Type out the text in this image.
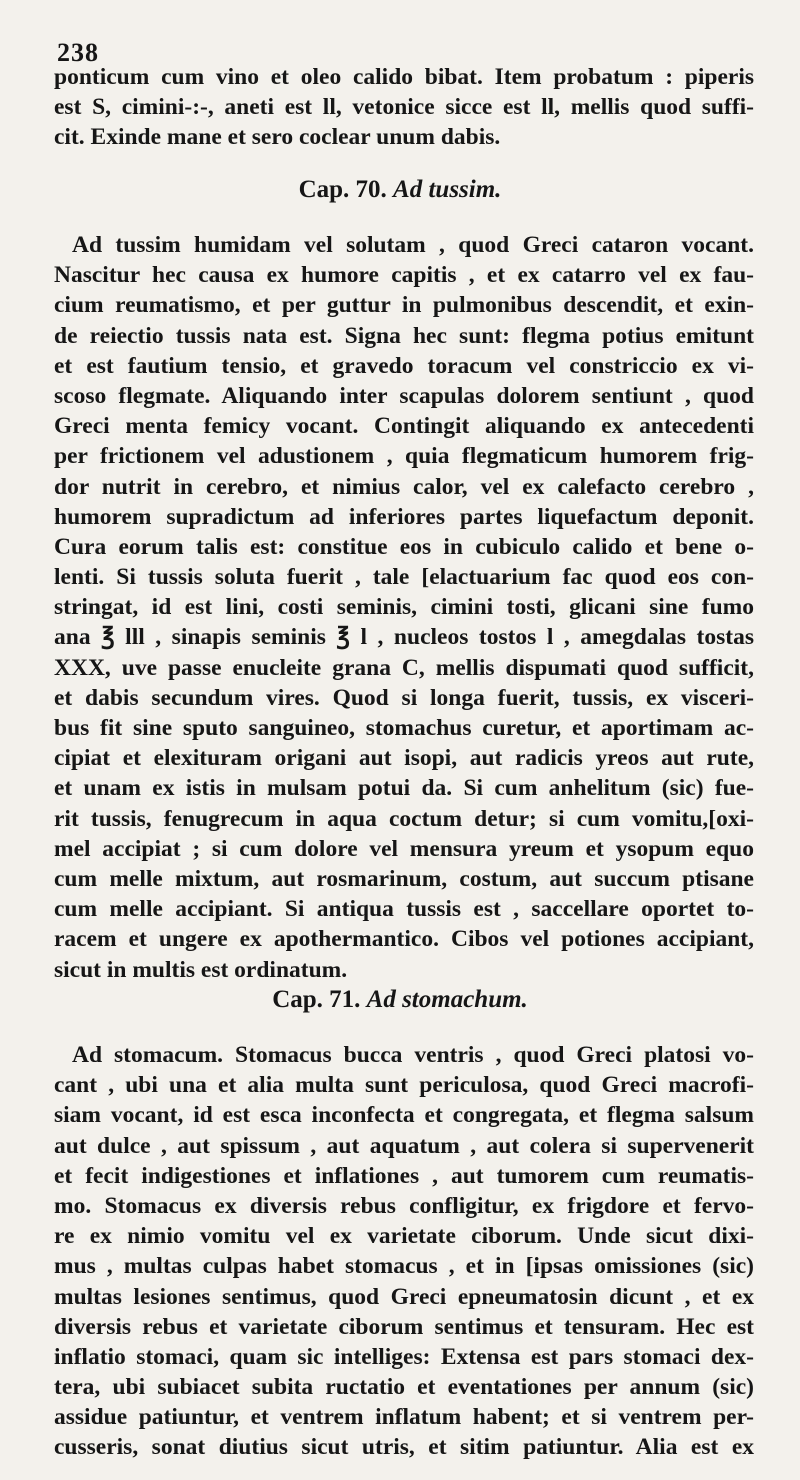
238
ponticum cum vino et oleo calido bibat. Item probatum : piperis
est S, cimini-:-, aneti est ll, vetonice sicce est ll, mellis quod suffi-
cit. Exinde mane et sero coclear unum dabis.
Cap. 70. Ad tussim.
Ad tussim humidam vel solutam , quod Greci cataron vocant.
Nascitur hec causa ex humore capitis , et ex catarro vel ex fau-
cium reumatismo, et per guttur in pulmonibus descendit, et exin-
de reiectio tussis nata est. Signa hec sunt: flegma potius emitunt
et est fautium tensio, et gravedo toracum vel constriccio ex vi-
scoso flegmate. Aliquando inter scapulas dolorem sentiunt , quod
Greci menta femicy vocant. Contingit aliquando ex antecedenti
per frictionem vel adustionem , quia flegmaticum humorem frig-
dor nutrit in cerebro, et nimius calor, vel ex calefacto cerebro ,
humorem supradictum ad inferiores partes liquefactum deponit.
Cura eorum talis est: constitue eos in cubiculo calido et bene o-
lenti. Si tussis soluta fuerit , tale [elactuarium fac quod eos con-
stringat, id est lini, costi seminis, cimini tosti, glicani sine fumo
ana ℥ lll , sinapis seminis ℥ l , nucleos tostos l , amegdalas tostas
XXX, uve passe enucleite grana C, mellis dispumati quod sufficit,
et dabis secundum vires. Quod si longa fuerit, tussis, ex visceri-
bus fit sine sputo sanguineo, stomachus curetur, et aportimam ac-
cipiat et elexituram origani aut isopi, aut radicis yreos aut rute,
et unam ex istis in mulsam potui da. Si cum anhelitum (sic) fue-
rit tussis, fenugrecum in aqua coctum detur; si cum vomitu,[oxi-
mel accipiat ; si cum dolore vel mensura yreum et ysopum equo
cum melle mixtum, aut rosmarinum, costum, aut succum ptisane
cum melle accipiant. Si antiqua tussis est , saccellare oportet to-
racem et ungere ex apothermantico. Cibos vel potiones accipiant,
sicut in multis est ordinatum.
Cap. 71. Ad stomachum.
Ad stomacum. Stomacus bucca ventris , quod Greci platosi vo-
cant , ubi una et alia multa sunt periculosa, quod Greci macrofi-
siam vocant, id est esca inconfecta et congregata, et flegma salsum
aut dulce , aut spissum , aut aquatum , aut colera si supervenerit
et fecit indigestiones et inflationes , aut tumorem cum reumatis-
mo. Stomacus ex diversis rebus confligitur, ex frigdore et fervo-
re ex nimio vomitu vel ex varietate ciborum. Unde sicut dixi-
mus , multas culpas habet stomacus , et in [ipsas omissiones (sic)
multas lesiones sentimus, quod Greci epneumatosin dicunt , et ex
diversis rebus et varietate ciborum sentimus et tensuram. Hec est
inflatio stomaci, quam sic intelliges: Extensa est pars stomaci dex-
tera, ubi subiacet subita ructatio et eventationes per annum (sic)
assidue patiuntur, et ventrem inflatum habent; et si ventrem per-
cusseris, sonat diutius sicut utris, et sitim patiuntur. Alia est ex
